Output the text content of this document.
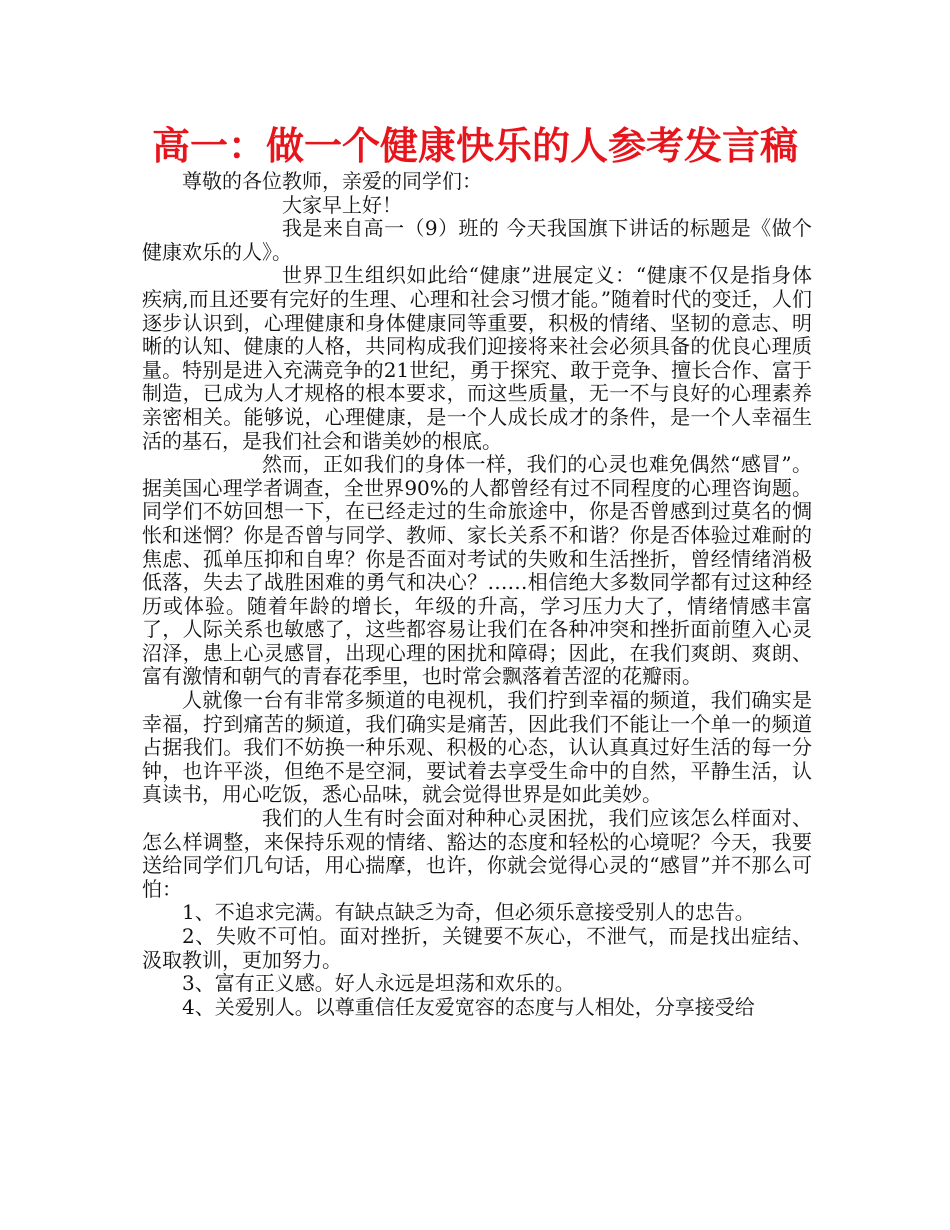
高一：做一个健康快乐的人参考发言稿

尊敬的各位教师，亲爱的同学们：

大家早上好！

我是来自高一（9）班的 今天我国旗下讲话的标题是《做个健康欢乐的人》。

世界卫生组织如此给“健康”进展定义：“健康不仅是指身体疾病,而且还要有完好的生理、心理和社会习惯才能。”随着时代的变迁，人们逐步认识到，心理健康和身体健康同等重要，积极的情绪、坚韧的意志、明晰的认知、健康的人格，共同构成我们迎接将来社会必须具备的优良心理质量。特别是进入充满竞争的21世纪，勇于探究、敢于竞争、擅长合作、富于制造，已成为人才规格的根本要求，而这些质量，无一不与良好的心理素养亲密相关。能够说，心理健康，是一个人成长成才的条件，是一个人幸福生活的基石，是我们社会和谐美妙的根底。

然而，正如我们的身体一样，我们的心灵也难免偶然“感冒”。据美国心理学者调查，全世界90%的人都曾经有过不同程度的心理咨询题。同学们不妨回想一下，在已经走过的生命旅途中，你是否曾感到过莫名的惆怅和迷惘？你是否曾与同学、教师、家长关系不和谐？你是否体验过难耐的焦虑、孤单压抑和自卑？你是否面对考试的失败和生活挫折，曾经情绪消极低落，失去了战胜困难的勇气和决心？……相信绝大多数同学都有过这种经历或体验。随着年龄的增长，年级的升高，学习压力大了，情绪情感丰富了，人际关系也敏感了，这些都容易让我们在各种冲突和挫折面前堕入心灵沼泽，患上心灵感冒，出现心理的困扰和障碍；因此，在我们爽朗、爽朗、富有激情和朝气的青春花季里，也时常会飘落着苦涩的花瓣雨。

人就像一台有非常多频道的电视机，我们拧到幸福的频道，我们确实是幸福，拧到痛苦的频道，我们确实是痛苦，因此我们不能让一个单一的频道占据我们。我们不妨换一种乐观、积极的心态，认认真真过好生活的每一分钟，也许平淡，但绝不是空洞，要试着去享受生命中的自然，平静生活，认真读书，用心吃饭，悉心品味，就会觉得世界是如此美妙。

我们的人生有时会面对种种心灵困扰，我们应该怎么样面对、怎么样调整，来保持乐观的情绪、豁达的态度和轻松的心境呢？今天，我要送给同学们几句话，用心揣摩，也许，你就会觉得心灵的“感冒”并不那么可怕：

1、不追求完满。有缺点缺乏为奇，但必须乐意接受别人的忠告。

2、失败不可怕。面对挫折，关键要不灰心，不泄气，而是找出症结、汲取教训，更加努力。

3、富有正义感。好人永远是坦荡和欢乐的。

4、关爱别人。以尊重信任友爱宽容的态度与人相处，分享接受给
